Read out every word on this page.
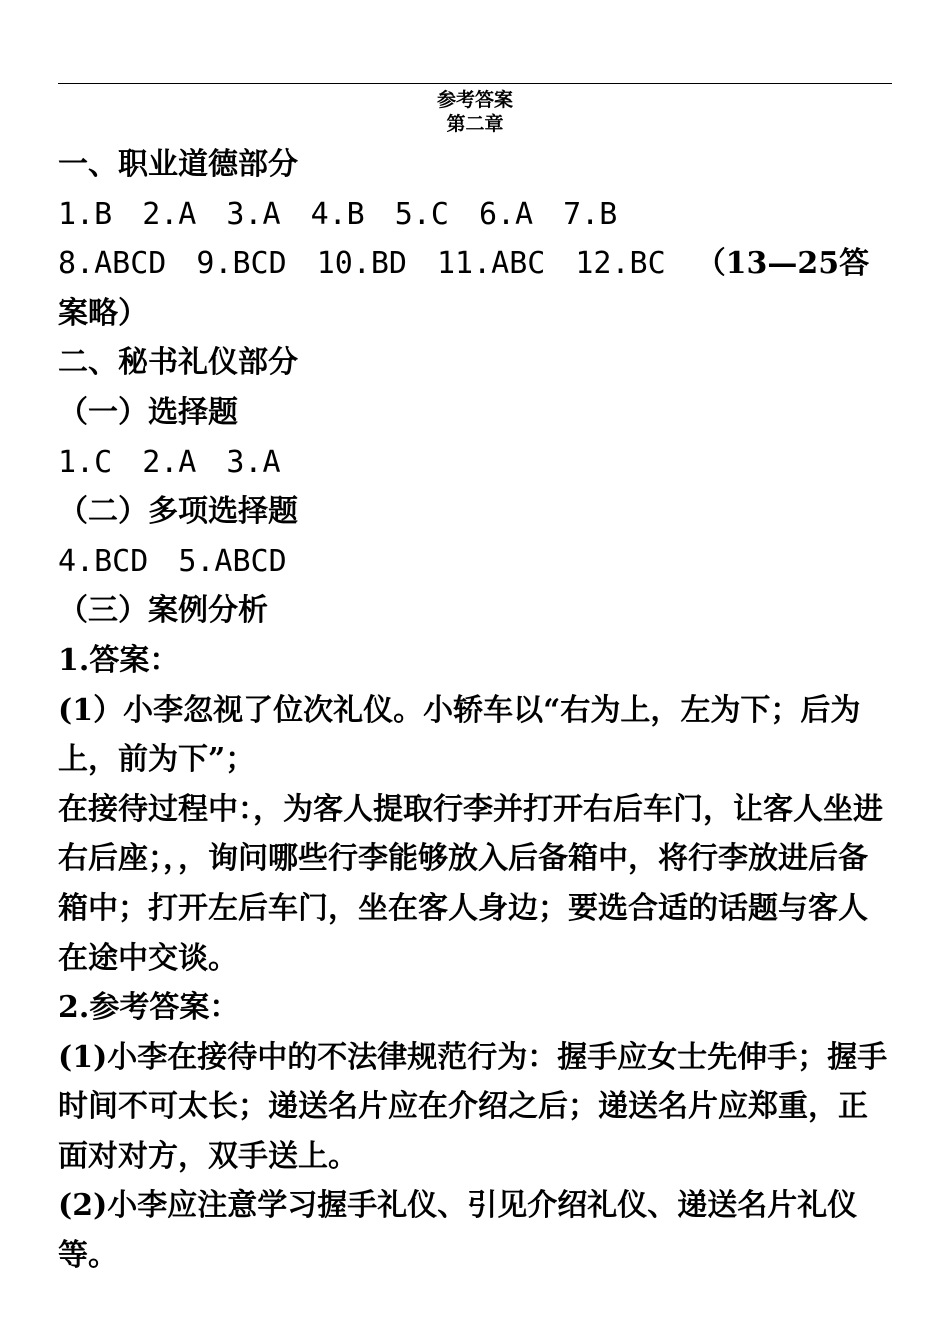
参考答案
第二章

一、职业道德部分

1.B 2.A 3.A 4.B 5.C 6.A 7.B

8.ABCD 9.BCD 10.BD 11.ABC 12.BC （13—25答案略）

二、秘书礼仪部分

（一）选择题

1.C 2.A 3.A

（二）多项选择题

4.BCD 5.ABCD

（三）案例分析

1.答案：

(1）小李忽视了位次礼仪。小轿车以“右为上，左为下；后为上，前为下”；

在接待过程中：，为客人提取行李并打开右后车门，让客人坐进右后座；，，询问哪些行李能够放入后备箱中，将行李放进后备箱中；打开左后车门，坐在客人身边；要选合适的话题与客人在途中交谈。

2.参考答案：

(1)小李在接待中的不法律规范行为：握手应女士先伸手；握手时间不可太长；递送名片应在介绍之后；递送名片应郑重，正面对对方，双手送上。

(2)小李应注意学习握手礼仪、引见介绍礼仪、递送名片礼仪等。
